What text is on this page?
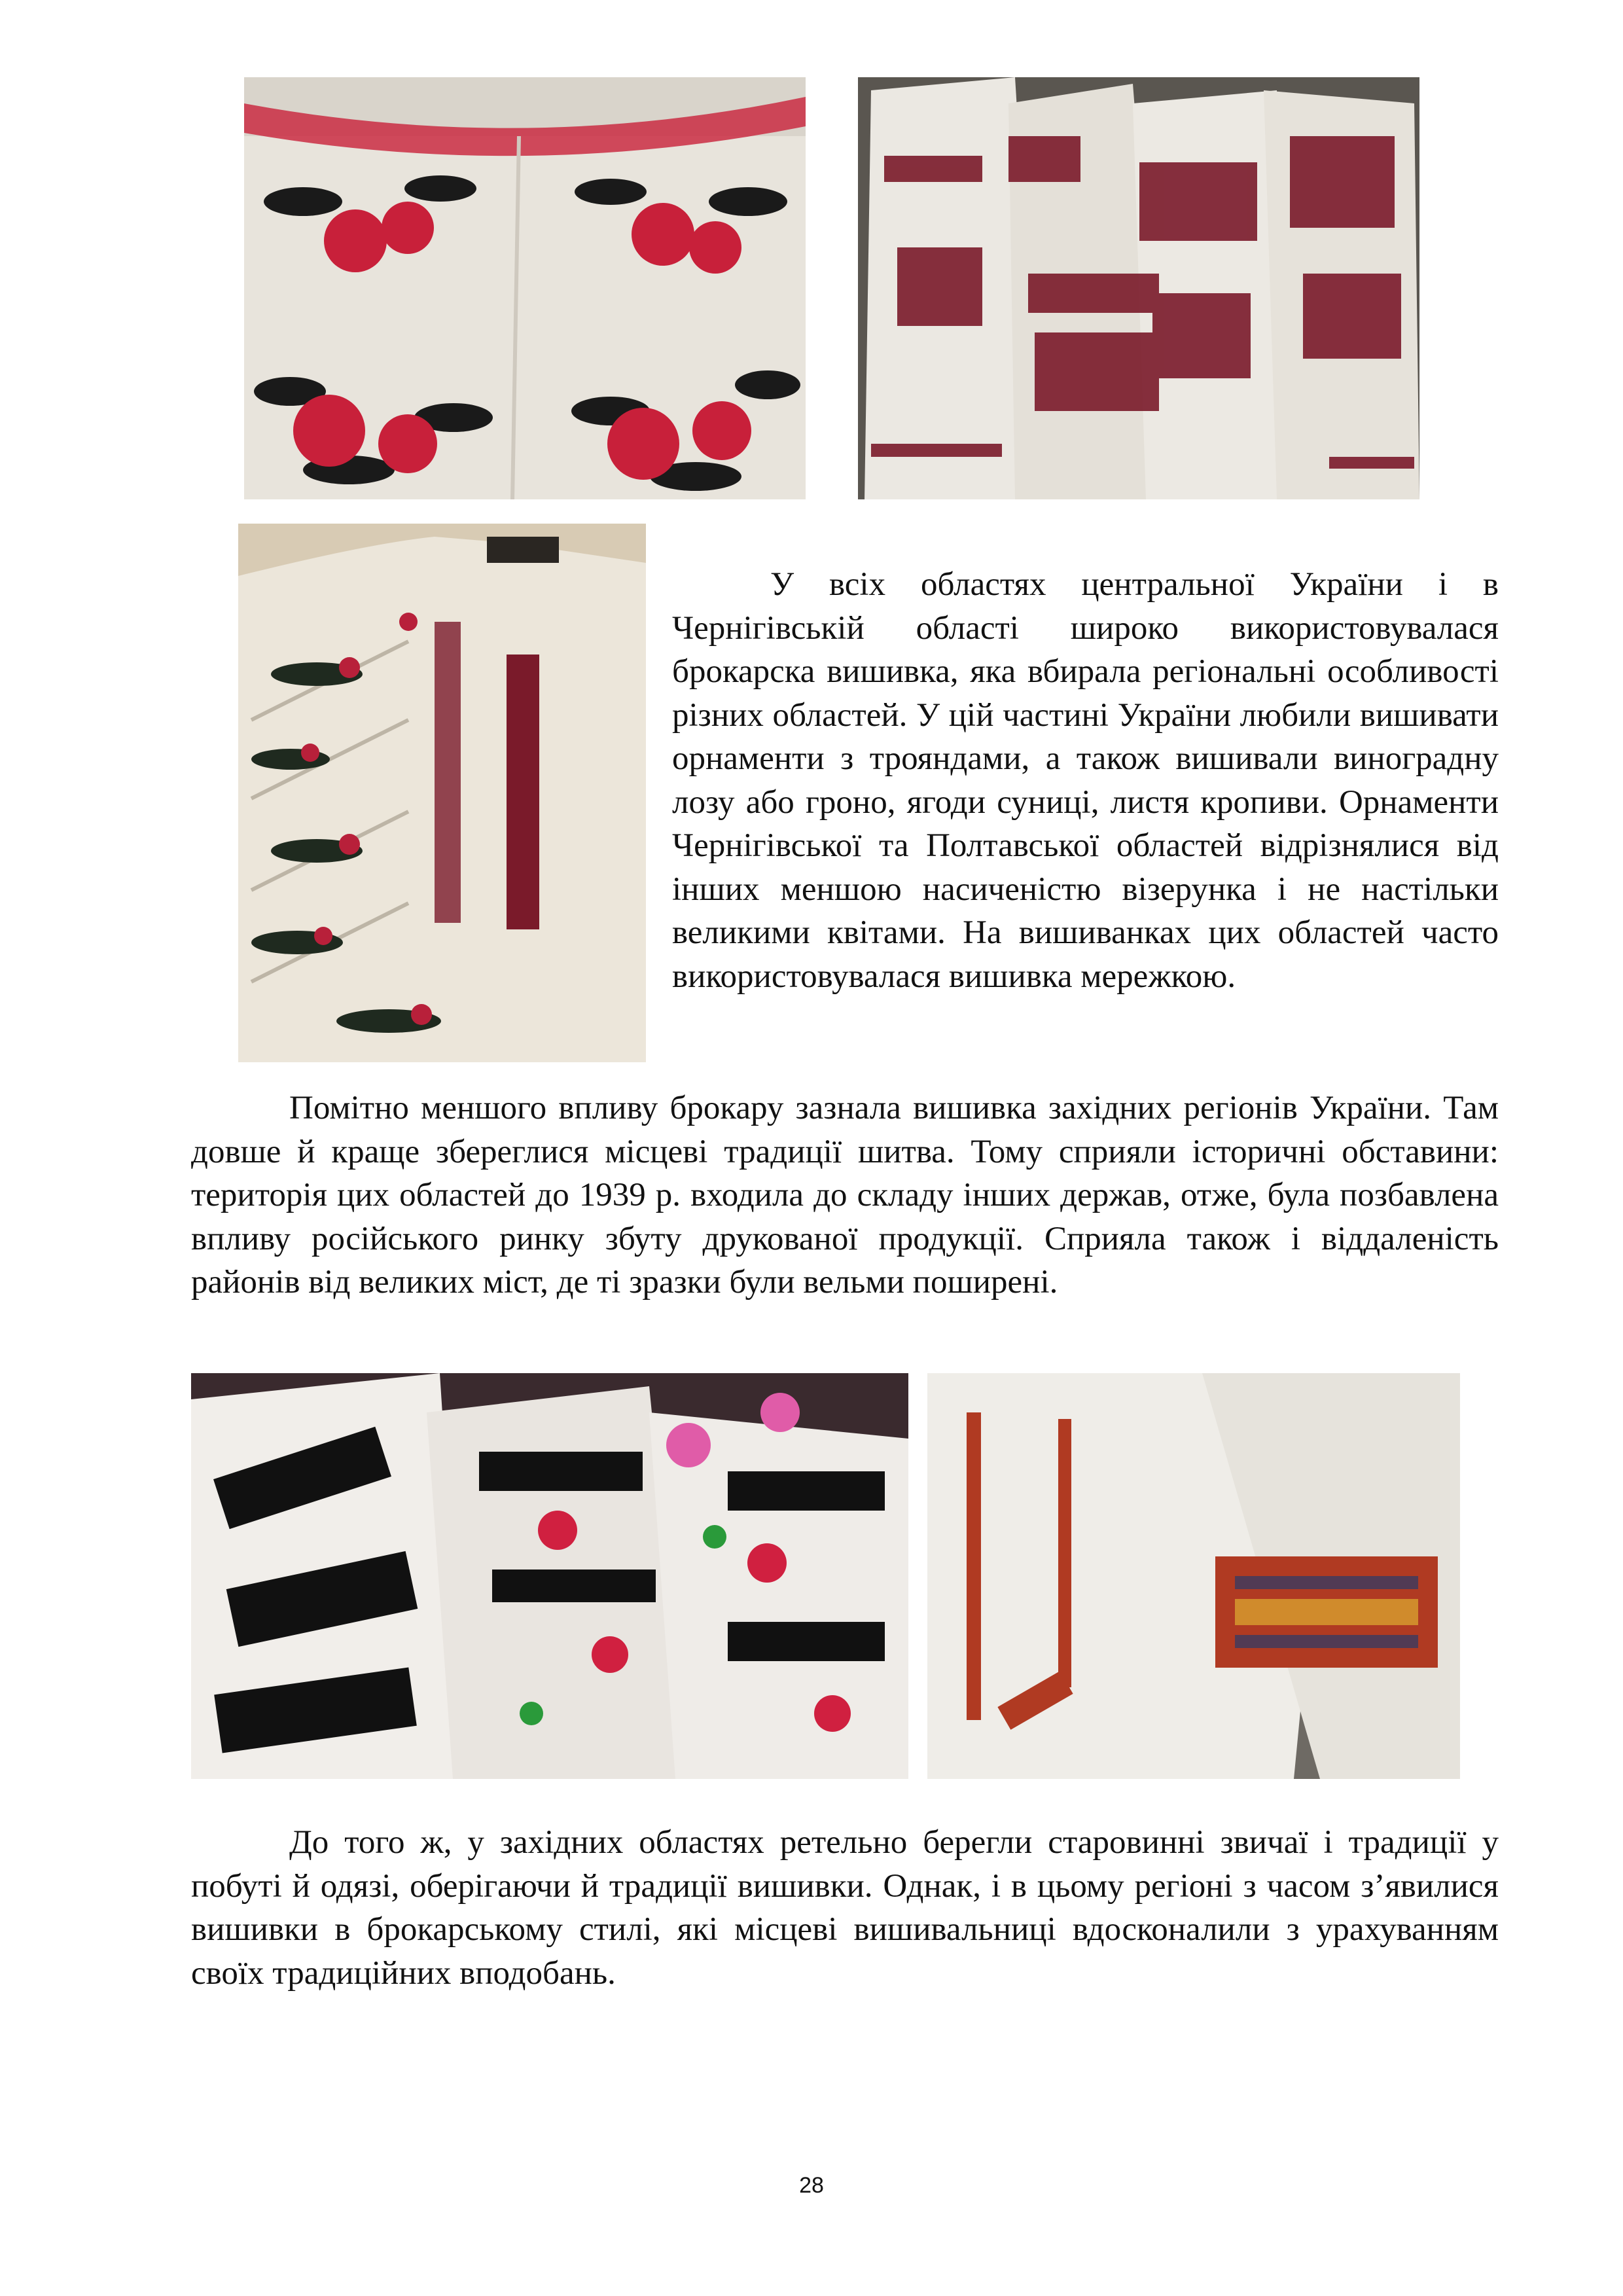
У всіх областях центральної України і в Чернігівській області широко використовувалася брокарска вишивка, яка вбирала регіональні особливості різних областей. У цій частині України любили вишивати орнаменти з трояндами, а також вишивали виноградну лозу або гроно, ягоди суниці, листя кропиви. Орнаменти Чернігівської та Полтавської областей відрізнялися від інших меншою насиченістю візерунка і не настільки великими квітами. На вишиванках цих областей часто використовувалася вишивка мережкою.

Помітно меншого впливу брокару зазнала вишивка західних регіонів України. Там довше й краще збереглися місцеві традиції шитва. Тому сприяли історичні обставини: територія цих областей до 1939 р. входила до складу інших держав, отже, була позбавлена впливу російського ринку збуту друкованої продукції. Сприяла також і віддаленість районів від великих міст, де ті зразки були вельми поширені.

До того ж, у західних областях ретельно берегли старовинні звичаї і традиції у побуті й одязі, оберігаючи й традиції вишивки. Однак, і в цьому регіоні з часом з’явилися вишивки в брокарському стилі, які місцеві вишивальниці вдосконалили з урахуванням своїх традиційних вподобань.

28
